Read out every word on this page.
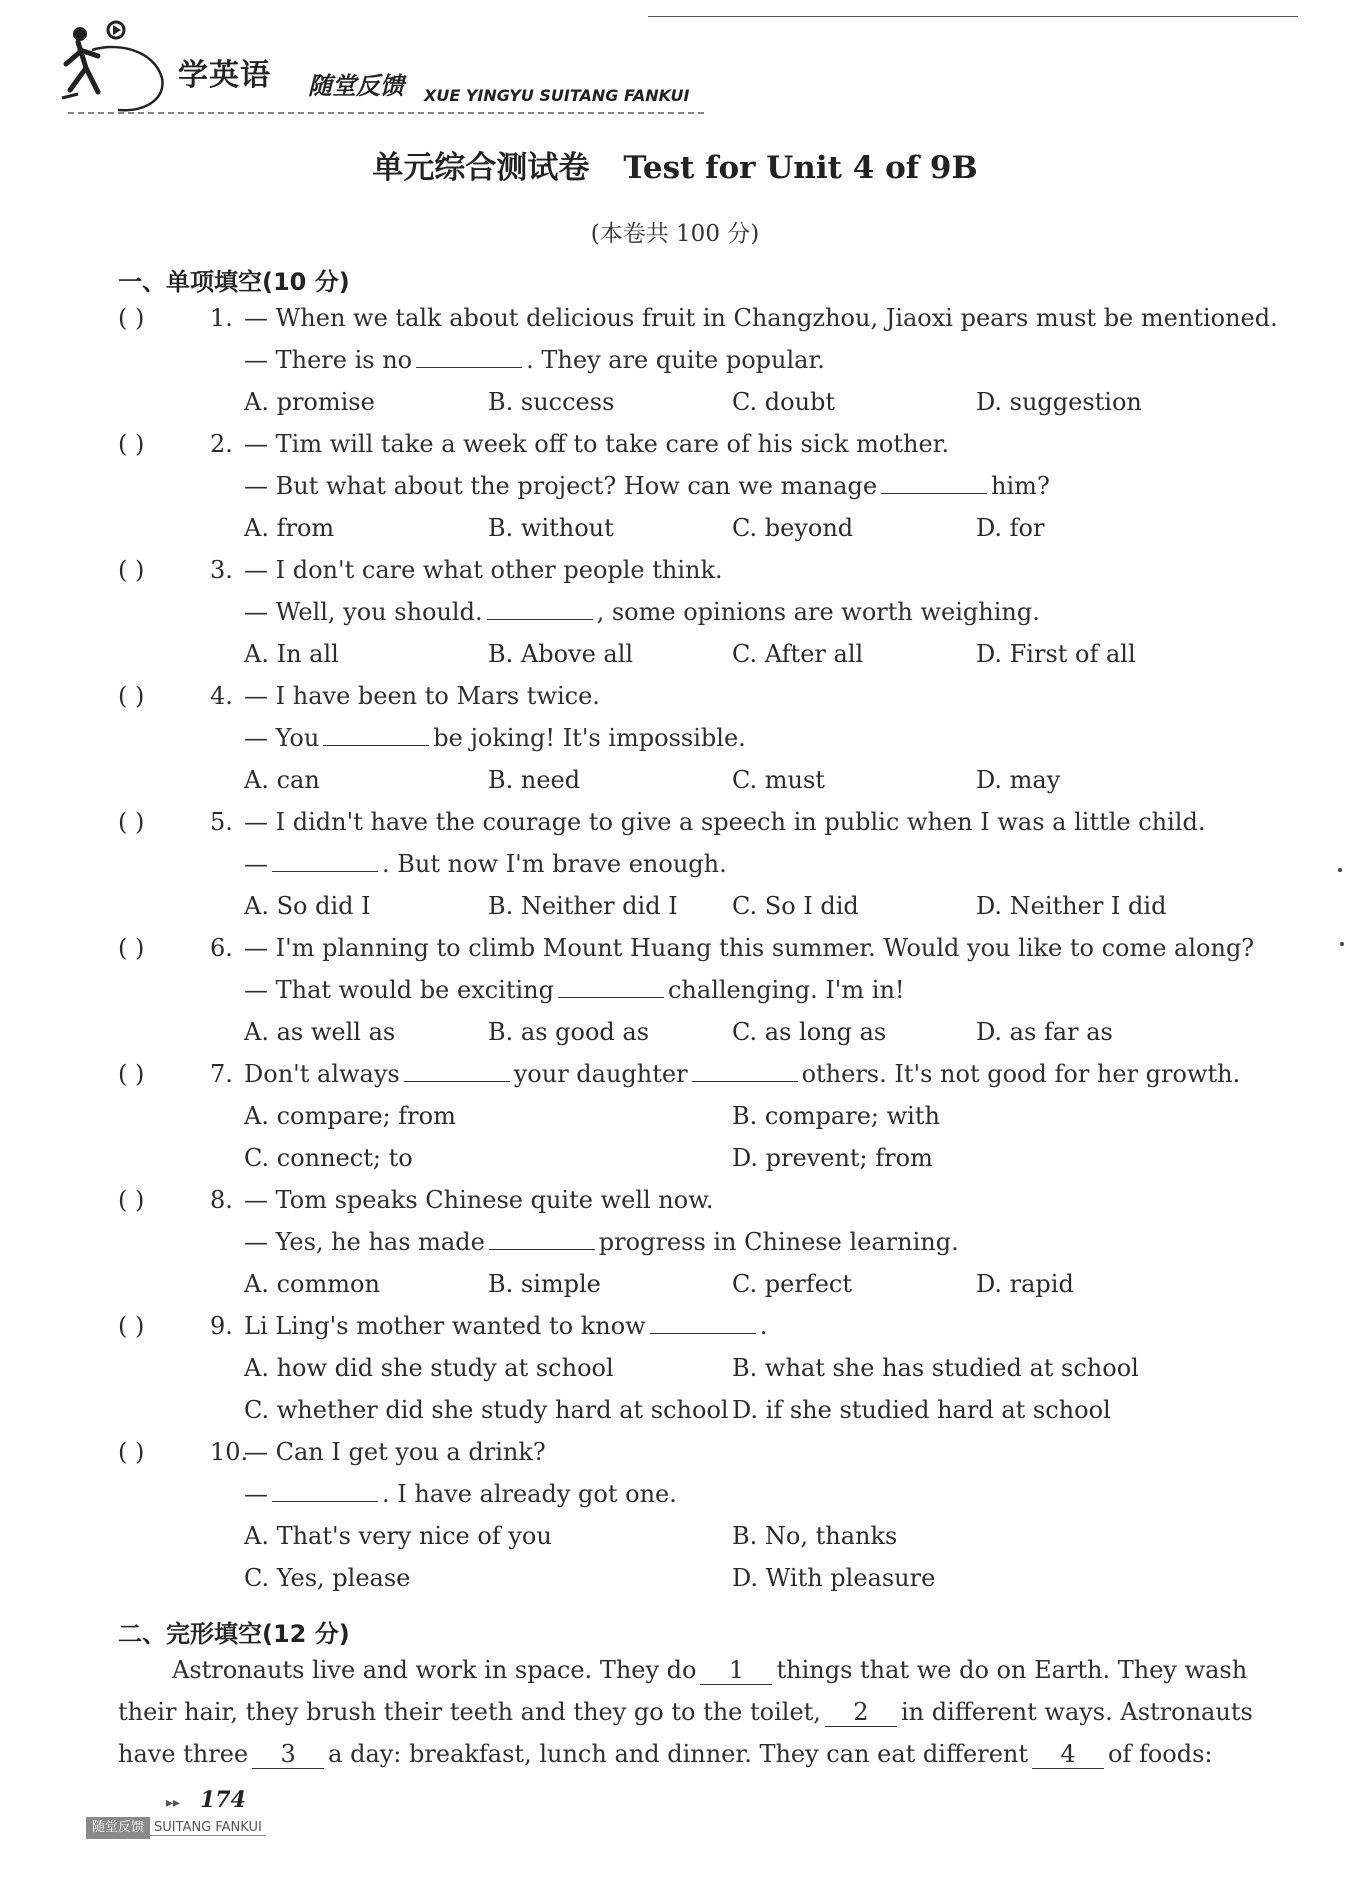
学英语 随堂反馈 XUE YINGYU SUITANG FANKUI
单元综合测试卷 Test for Unit 4 of 9B
(本卷共 100 分)
一、单项填空(10 分)
( )	1. — When we talk about delicious fruit in Changzhou, Jiaoxi pears must be mentioned.
— There is no	. They are quite popular.
A. promise	B. success	C. doubt	D. suggestion
( )	2. — Tim will take a week off to take care of his sick mother.
— But what about the project? How can we manage	him?
A. from	B. without	C. beyond	D. for
( )	3. — I don't care what other people think.
— Well, you should.	, some opinions are worth weighing.
A. In all	B. Above all	C. After all	D. First of all
( )	4. — I have been to Mars twice.
— You	be joking! It's impossible.
A. can	B. need	C. must	D. may
( )	5. — I didn't have the courage to give a speech in public when I was a little child.
—	. But now I'm brave enough.
A. So did I	B. Neither did I C. So I did	D. Neither I did
( )	6. — I'm planning to climb Mount Huang this summer. Would you like to come along?
— That would be exciting	challenging. I'm in!
A. as well as	B. as good as	C. as long as	D. as far as
( )	7. Don't always	your daughter	others. It's not good for her growth.
A. compare; from	B. compare; with
C. connect; to	D. prevent; from
( )	8. — Tom speaks Chinese quite well now.
— Yes, he has made	progress in Chinese learning.
A. common	B. simple	C. perfect	D. rapid
( )	9. Li Ling's mother wanted to know	.
A. how did she study at school	B. what she has studied at school
C. whether did she study hard at school D. if she studied hard at school
( )	10.
— Can I get you a drink?
—	. I have already got one.
A. That's very nice of you	B. No, thanks
C. Yes, please	D. With pleasure
二、完形填空(12 分)
Astronauts live and work in space. They do 1 things that we do on Earth. They wash
their hair, they brush their teeth and they go to the toilet, 2 in different ways. Astronauts
have three 3 a day: breakfast, lunch and dinner. They can eat different 4 of foods:
▸▸ 174
随堂反馈 SUITANG FANKUI
